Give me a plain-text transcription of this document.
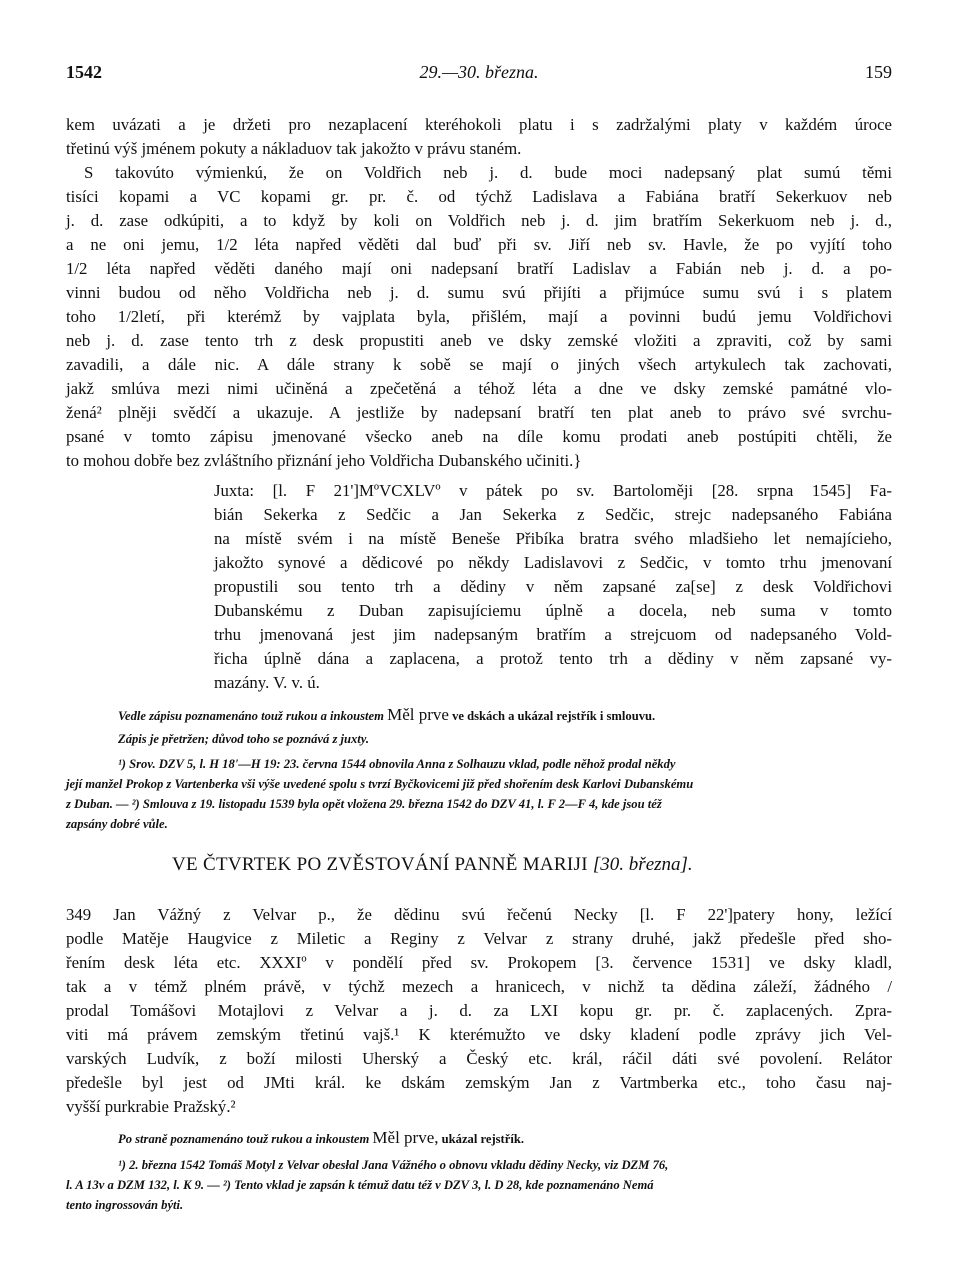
1542	29.—30. března.	159
kem uvázati a je držeti pro nezaplacení kteréhokoli platu i s zadržalými platy v každém úroce
třetinú výš jménem pokuty a nákladuov tak jakožto v právu staném.
S takovúto výmienkú, že on Voldřich neb j. d. bude moci nadepsaný plat sumú těmi
tisíci kopami a VC kopami gr. pr. č. od týchž Ladislava a Fabiána bratří Sekerkuov neb
j. d. zase odkúpiti, a to když by koli on Voldřich neb j. d. jim bratřím Sekerkuom neb j. d.,
a ne oni jemu, 1/2 léta napřed věděti dal buď při sv. Jiří neb sv. Havle, že po vyjítí toho
1/2 léta napřed věděti daného mají oni nadepsaní bratří Ladislav a Fabián neb j. d. a po-
vinni budou od něho Voldřicha neb j. d. sumu svú přijíti a přijmúce sumu svú i s platem
toho 1/2letí, při kterémž by vajplata byla, přišlém, mají a povinni budú jemu Voldřichovi
neb j. d. zase tento trh z desk propustiti aneb ve dsky zemské vložiti a zpraviti, což by sami
zavadili, a dále nic. A dále strany k sobě se mají o jiných všech artykulech tak zachovati,
jakž smlúva mezi nimi učiněná a zpečetěná a téhož léta a dne ve dsky zemské památné vlo-
žená² plněji svědčí a ukazuje. A jestliže by nadepsaní bratří ten plat aneb to právo své svrchu-
psané v tomto zápisu jmenované všecko aneb na díle komu prodati aneb postúpiti chtěli, že
to mohou dobře bez zvláštního přiznání jeho Voldřicha Dubanského učiniti.}
Juxta: [l. F 21']MºVCXLVº v pátek po sv. Bartoloměji [28. srpna 1545] Fa-
bián Sekerka z Sedčic a Jan Sekerka z Sedčic, strejc nadepsaného Fabiána
na místě svém i na místě Beneše Přibíka bratra svého mladšieho let nemajícieho,
jakožto synové a dědicové po někdy Ladislavovi z Sedčic, v tomto trhu jmenovaní
propustili sou tento trh a dědiny v něm zapsané za[se] z desk Voldřichovi
Dubanskému z Duban zapisujíciemu úplně a docela, neb suma v tomto
trhu jmenovaná jest jim nadepsaným bratřím a strejcuom od nadepsaného Vold-
řicha úplně dána a zaplacena, a protož tento trh a dědiny v něm zapsané vy-
mazány. V. v. ú.
Vedle zápisu poznamenáno touž rukou a inkoustem Měl prve ve dskách a ukázal rejstřík i smlouvu.
Zápis je přetržen; důvod toho se poznává z juxty.
¹) Srov. DZV 5, l. H 18'—H 19: 23. června 1544 obnovila Anna z Solhauzu vklad, podle něhož prodal někdy
její manžel Prokop z Vartenberka vši výše uvedené spolu s tvrzí Byčkovicemi již před shořením desk Karlovi Dubanskému
z Duban. — ²) Smlouva z 19. listopadu 1539 byla opět vložena 29. března 1542 do DZV 41, l. F 2—F 4, kde jsou též
zapsány dobré vůle.
VE ČTVRTEK PO ZVĚSTOVÁNÍ PANNĚ MARIJI [30. března].
349 Jan Vážný z Velvar p., že dědinu svú řečenú Necky [l. F 22']patery hony, ležící
podle Matěje Haugvice z Miletic a Reginy z Velvar z strany druhé, jakž předešle před sho-
řením desk léta etc. XXXIº v pondělí před sv. Prokopem [3. července 1531] ve dsky kladl,
tak a v témž plném právě, v týchž mezech a hranicech, v nichž ta dědina záleží, žádného /
prodal Tomášovi Motajlovi z Velvar a j. d. za LXI kopu gr. pr. č. zaplacených. Zpra-
viti má právem zemským třetinú vajš.¹ K kterémužto ve dsky kladení podle zprávy jich Vel-
varských Ludvík, z boží milosti Uherský a Český etc. král, ráčil dáti své povolení. Relátor
předešle byl jest od JMti král. ke dskám zemským Jan z Vartmberka etc., toho času naj-
vyšší purkrabie Pražský.²
Po straně poznamenáno touž rukou a inkoustem Měl prve, ukázal rejstřík.
¹) 2. března 1542 Tomáš Motyl z Velvar obesłal Jana Vážného o obnovu vkladu dědiny Necky, viz DZM 76,
l. A 13v a DZM 132, l. K 9. — ²) Tento vklad je zapsán k témuž datu též v DZV 3, l. D 28, kde poznamenáno Nemá
tento ingrossován býti.
